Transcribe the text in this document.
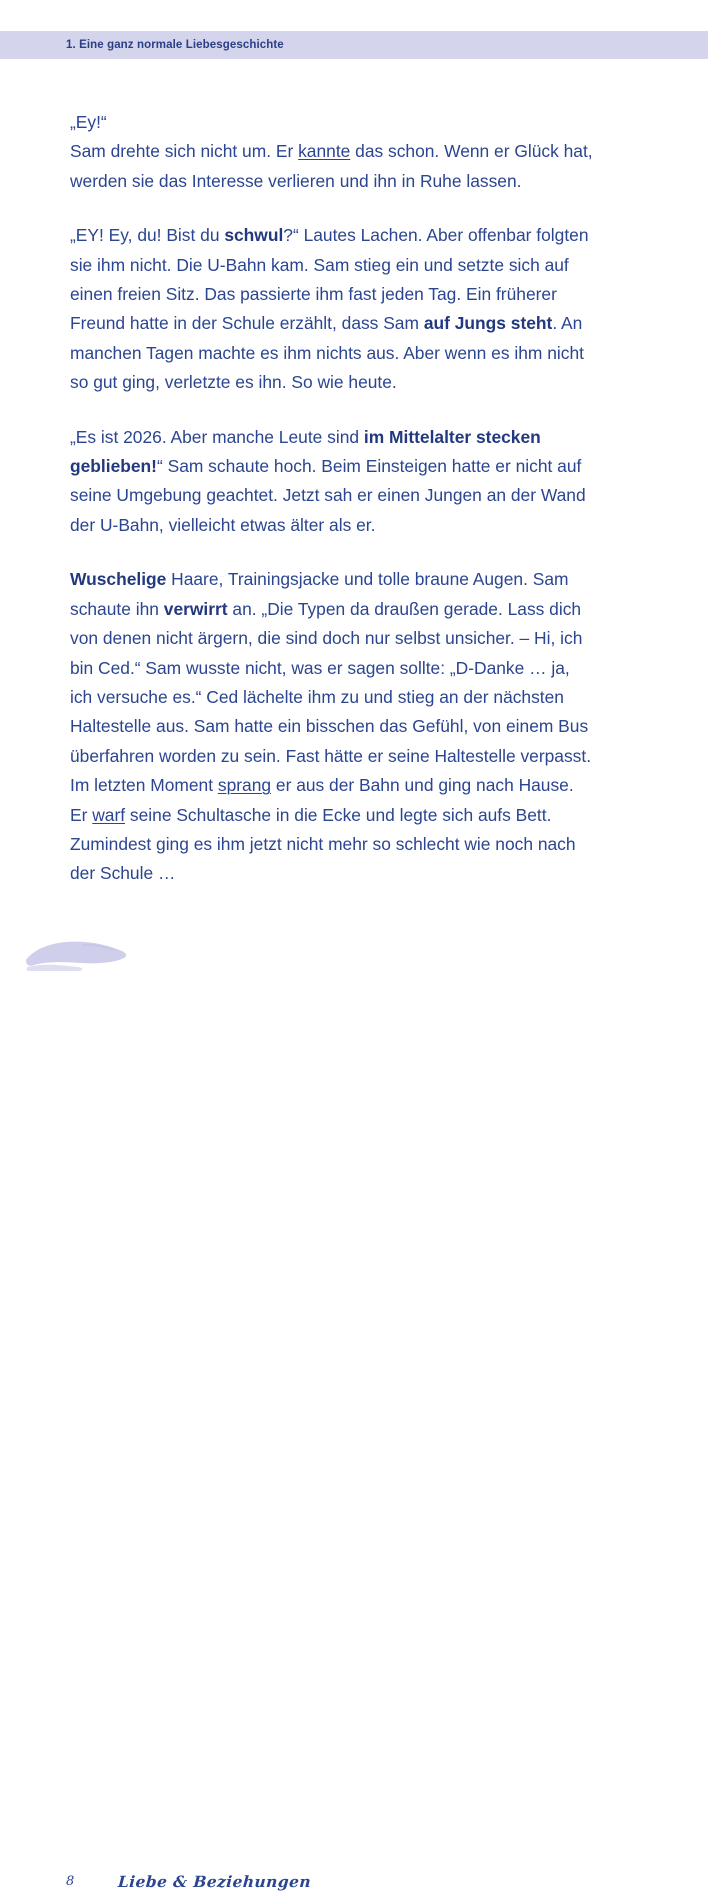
1. Eine ganz normale Liebesgeschichte

„Ey!“
Sam drehte sich nicht um. Er kannte das schon. Wenn er Glück hat, werden sie das Interesse verlieren und ihn in Ruhe lassen.

„EY! Ey, du! Bist du schwul?“ Lautes Lachen. Aber offenbar folgten sie ihm nicht. Die U-Bahn kam. Sam stieg ein und setzte sich auf einen freien Sitz. Das passierte ihm fast jeden Tag. Ein früherer Freund hatte in der Schule erzählt, dass Sam auf Jungs steht. An manchen Tagen machte es ihm nichts aus. Aber wenn es ihm nicht so gut ging, verletzte es ihn. So wie heute.

„Es ist 2026. Aber manche Leute sind im Mittelalter stecken geblieben!“ Sam schaute hoch. Beim Einsteigen hatte er nicht auf seine Umgebung geachtet. Jetzt sah er einen Jungen an der Wand der U-Bahn, vielleicht etwas älter als er.

Wuschelige Haare, Trainingsjacke und tolle braune Augen. Sam schaute ihn verwirrt an. „Die Typen da draußen gerade. Lass dich von denen nicht ärgern, die sind doch nur selbst unsicher. – Hi, ich bin Ced.“ Sam wusste nicht, was er sagen sollte: „D-Danke … ja, ich versuche es.“ Ced lächelte ihm zu und stieg an der nächsten Haltestelle aus. Sam hatte ein bisschen das Gefühl, von einem Bus überfahren worden zu sein. Fast hätte er seine Haltestelle verpasst. Im letzten Moment sprang er aus der Bahn und ging nach Hause. Er warf seine Schultasche in die Ecke und legte sich aufs Bett. Zumindest ging es ihm jetzt nicht mehr so schlecht wie noch nach der Schule …

8	Liebe & Beziehungen
